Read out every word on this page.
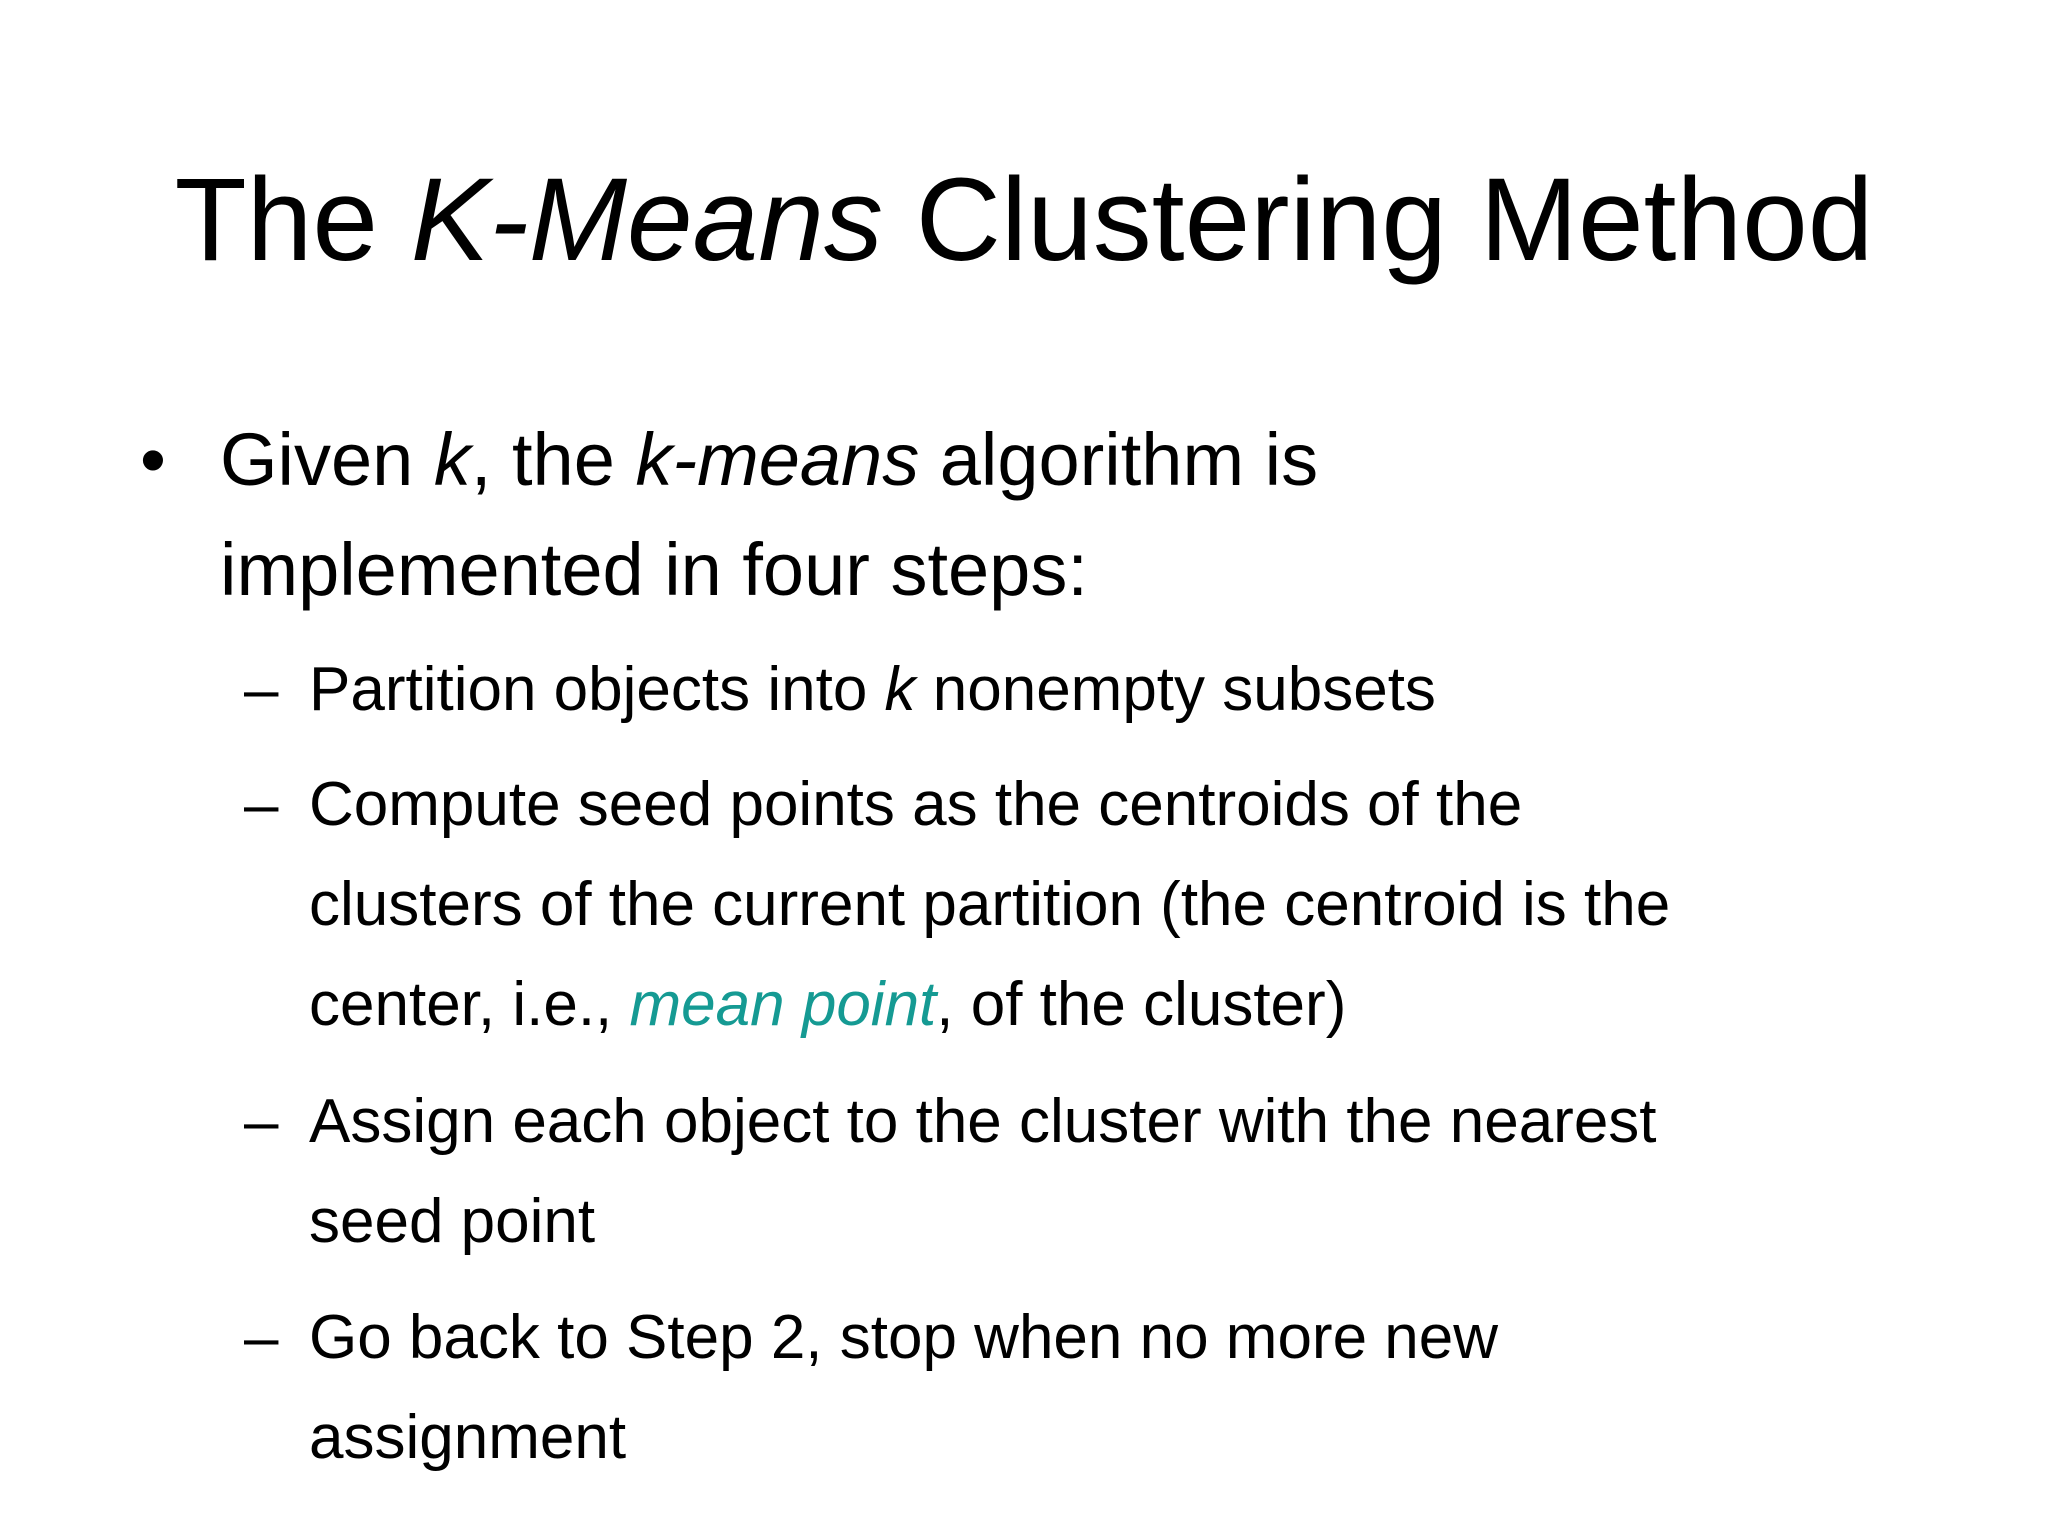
The K-Means Clustering Method
• Given k, the k-means algorithm is
implemented in four steps:
– Partition objects into k nonempty subsets
– Compute seed points as the centroids of the
clusters of the current partition (the centroid is the
center, i.e., mean point, of the cluster)
– Assign each object to the cluster with the nearest
seed point
– Go back to Step 2, stop when no more new
assignment
